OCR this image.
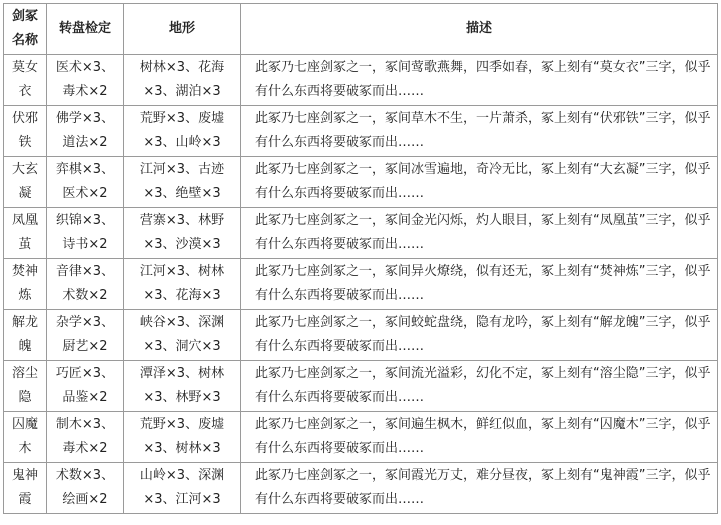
剑冢名称	转盘检定	地形	描述
莫女衣	医术×3、毒术×2	树林×3、花海×3、湖泊×3	此冢乃七座剑冢之一，冢间莺歌燕舞，四季如春，冢上刻有“莫女衣”三字，似乎有什么东西将要破冢而出……
伏邪铁	佛学×3、道法×2	荒野×3、废墟×3、山岭×3	此冢乃七座剑冢之一，冢间草木不生，一片萧杀，冢上刻有“伏邪铁”三字，似乎有什么东西将要破冢而出……
大玄凝	弈棋×3、医术×2	江河×3、古迹×3、绝壁×3	此冢乃七座剑冢之一，冢间冰雪遍地，奇冷无比，冢上刻有“大玄凝”三字，似乎有什么东西将要破冢而出……
凤凰茧	织锦×3、诗书×2	营寨×3、林野×3、沙漠×3	此冢乃七座剑冢之一，冢间金光闪烁，灼人眼目，冢上刻有“凤凰茧”三字，似乎有什么东西将要破冢而出……
焚神炼	音律×3、术数×2	江河×3、树林×3、花海×3	此冢乃七座剑冢之一，冢间异火燎绕，似有还无，冢上刻有“焚神炼”三字，似乎有什么东西将要破冢而出……
解龙魄	杂学×3、厨艺×2	峡谷×3、深渊×3、洞穴×3	此冢乃七座剑冢之一，冢间蛟蛇盘绕，隐有龙吟，冢上刻有“解龙魄”三字，似乎有什么东西将要破冢而出……
溶尘隐	巧匠×3、品鉴×2	潭泽×3、树林×3、林野×3	此冢乃七座剑冢之一，冢间流光溢彩，幻化不定，冢上刻有“溶尘隐”三字，似乎有什么东西将要破冢而出……
囚魔木	制木×3、毒术×2	荒野×3、废墟×3、树林×3	此冢乃七座剑冢之一，冢间遍生枫木，鲜红似血，冢上刻有“囚魔木”三字，似乎有什么东西将要破冢而出……
鬼神霞	术数×3、绘画×2	山岭×3、深渊×3、江河×3	此冢乃七座剑冢之一，冢间霞光万丈，难分昼夜，冢上刻有“鬼神霞”三字，似乎有什么东西将要破冢而出……
